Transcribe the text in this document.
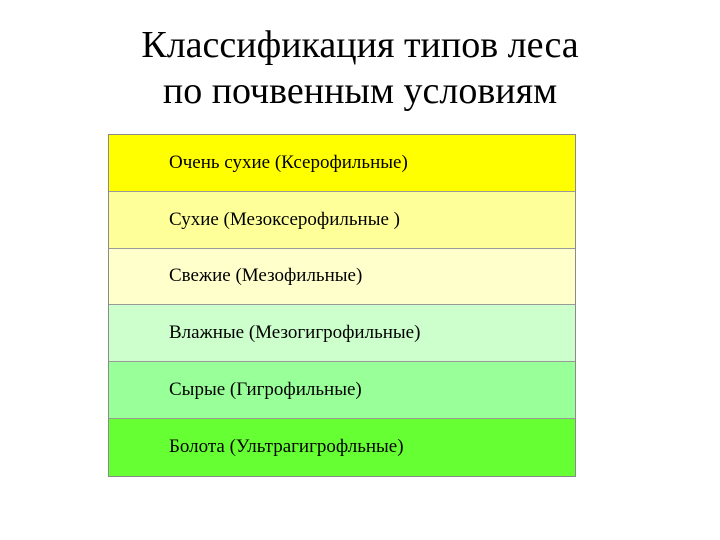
Классификация типов леса
по почвенным условиям
Очень сухие (Ксерофильные)
Сухие (Мезоксерофильные )
Свежие (Мезофильные)
Влажные (Мезогигрофильные)
Сырые (Гигрофильные)
Болота (Ультрагигрофльные)
